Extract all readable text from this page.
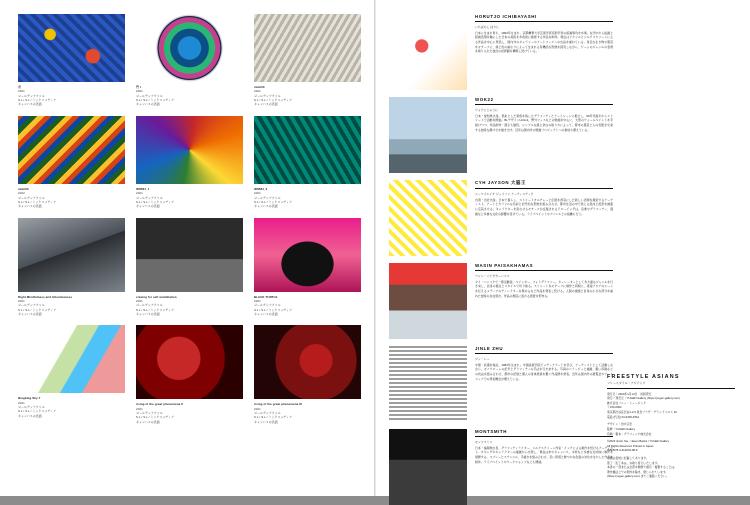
青
2021
ゴールデンアクリル
S.L / S.L / ミックスメディア
キャンバスの表面
門 I
2021
ゴールデンアクリル
S.L / S.L / ミックスメディア
キャンバスの表面
mimi03
2021
ゴールデンアクリル
S.L / S.L / ミックスメディア
キャンバスの表面
mimi03
2022
ゴールデンアクリル
S.L / S.L / ミックスメディア
キャンバスの表面
ID8584_1
2021
ゴールデンアクリル
S.L / S.L / ミックスメディア
キャンバスの表面
ID8584_2
2021
ゴールデンアクリル
S.L / S.L / ミックスメディア
キャンバスの表面
Right Mindfulness and Attentiveness
2021
ゴールデンアクリル
S.L / S.L / ミックスメディア
キャンバスの表面
craving for self annihilation
2021
ゴールデンアクリル
S.L / S.L / ミックスメディア
キャンバスの表面
BLACK TURTLE
2021
ゴールデンアクリル
S.L / S.L / ミックスメディア
キャンバスの表面
Bingbing Sky-7
2021
ゴールデンアクリル
S.L / S.L / ミックスメディア
キャンバスの表面
rising of the great phenomena II
2021
ゴールデンアクリル
S.L / S.L / ミックスメディア
キャンバスの表面
rising of the great phenomena III
2021
ゴールデンアクリル
S.L / S.L / ミックスメディア
キャンバスの表面
HORUTJO ICHIBAYASHI
いちばやし ほりじ
日本に生まれ育ち、1993年生まれ。京都精華大学芸術学部造形学科の版画専攻を卒業。在学中から絵画と版画表現を軸にした日本の美術を多角的に視覚する作品を制作。現在はアクリルとシルクスクリーンによる作品を中心に発表し、国内外のギャラリーやアートフェアへの出品を重ねている。身近な生き物や風景をモチーフに、線と色の重なりによって生まれる有機的な形態を探究しながら、ゲームのジャンルの表現を取り入れた独自の世界観を構築し続けている。
WOK22
ウォクにじゅうに
日本・愛知県出身。低彩とした質感を残したグラフィティとアートシーンに根ざし、90年代後半からストリートで活動を開始。BLデザインUnlimit、野外フェスなどの壁画を中心に、大型のウォールペイントを手掛けつつ、作品制作・展示も継続。シンプルな線と余白の取り方によって、都市の風景と人の気配が交差する独特な静けさを描き出す。近年は国内外の壁画プロジェクトへの参加も増えている。
CYH JAYSON 大脇王
シーワイエイチ ジェイソン アーティスティク
台湾・台北出身。日本で暮らし、ストリートカルチャーと伝統を背景にした新しい表現を模索するアーティスト。アートとカラフルな色彩と記号的な形態を組み合わせ、都市生活の中で感じる混沌と祝祭を画面に定着させる。キャラクターを思わせるモチーフが反復されるドローイングは、音楽やグラフィティ、漫画など多様な文化の影響を受けている。ライブペイントやアパレルとの協働も行う。
WASIN PAISAKHAMAS
ワシン・パイサカーハマス
タイ・バンコクで一筋活動者。ペインター、フォトグラファー、キュレーターとして多方面なジャンルを行き来し、自身の視点とスタイルで切り取る。ストリートをモチーフに制作と同時に、東南アジアのシーンを伝えるメディアのディレクターを務めるなど作品を発表し続ける。人間の視線と自身の小さな部分を重ねた独特の存在感が、作品の根底に流れる感覚を形作る。
JINLE ZHU
ジン・レー
中国・武漢を拠点、1984年生まれ。中国美術学院でメディアアートを学び、アーティストとして活動しながら、モノクロームの記号とグラフィティの手法を行き来する。写真のコラージュと描画、粗い印刷などの技法を組み合わせ、都市の記憶と個人の身体感覚を繋ぐ作品群を発表。近年は国内外の展覧会やアートフェアでの発表機会が増えている。
MONTSMITH
モンツスミス
日本・福岡県出身、グラフィティライター、シルクスクリーン作家・インクによる制作を続けるアーティスト。タギングやキャラクターの描画から出発し、現在は布やキャンバス、木材など多様な支持体に制作を展開する。スプレーとステンシル、手描きを組み合わせ、荒い質感と鮮やかな色面の対比を生かした作品を制作。ライブペイントやワークショップなども開催。
FREESTYLE ASIANS
フリースタイル・アジアンズ
発行日｜2023年1月14日　初版発行
発行／発売元｜YUGEN Gallery (https://yugen-gallery.com)
株式会社ソニー・ミュージック
〒150-0002
東京都渋谷区渋谷1-2-5 東急プラザ・グランドベルス 10
電話 (代表) 03-6406-4561
デザイン｜田中章宏
監修｜YUGEN Gallery
印刷・製本｜グラフィック株式会社
©2023 Jinxin Sei. / Jason Banks / YUGEN Gallery
All Rights Reserved. Printed in Japan.
ISBN978-4-910234-08-9
定価は表紙に記載してあります。
落丁・乱丁本は、お取り替えいたします。
本書の一部または全部を無断で複写・複製することは、
著作権法上での例外を除き、禁じられています。
(https://yugen-gallery.com) までご連絡ください。
